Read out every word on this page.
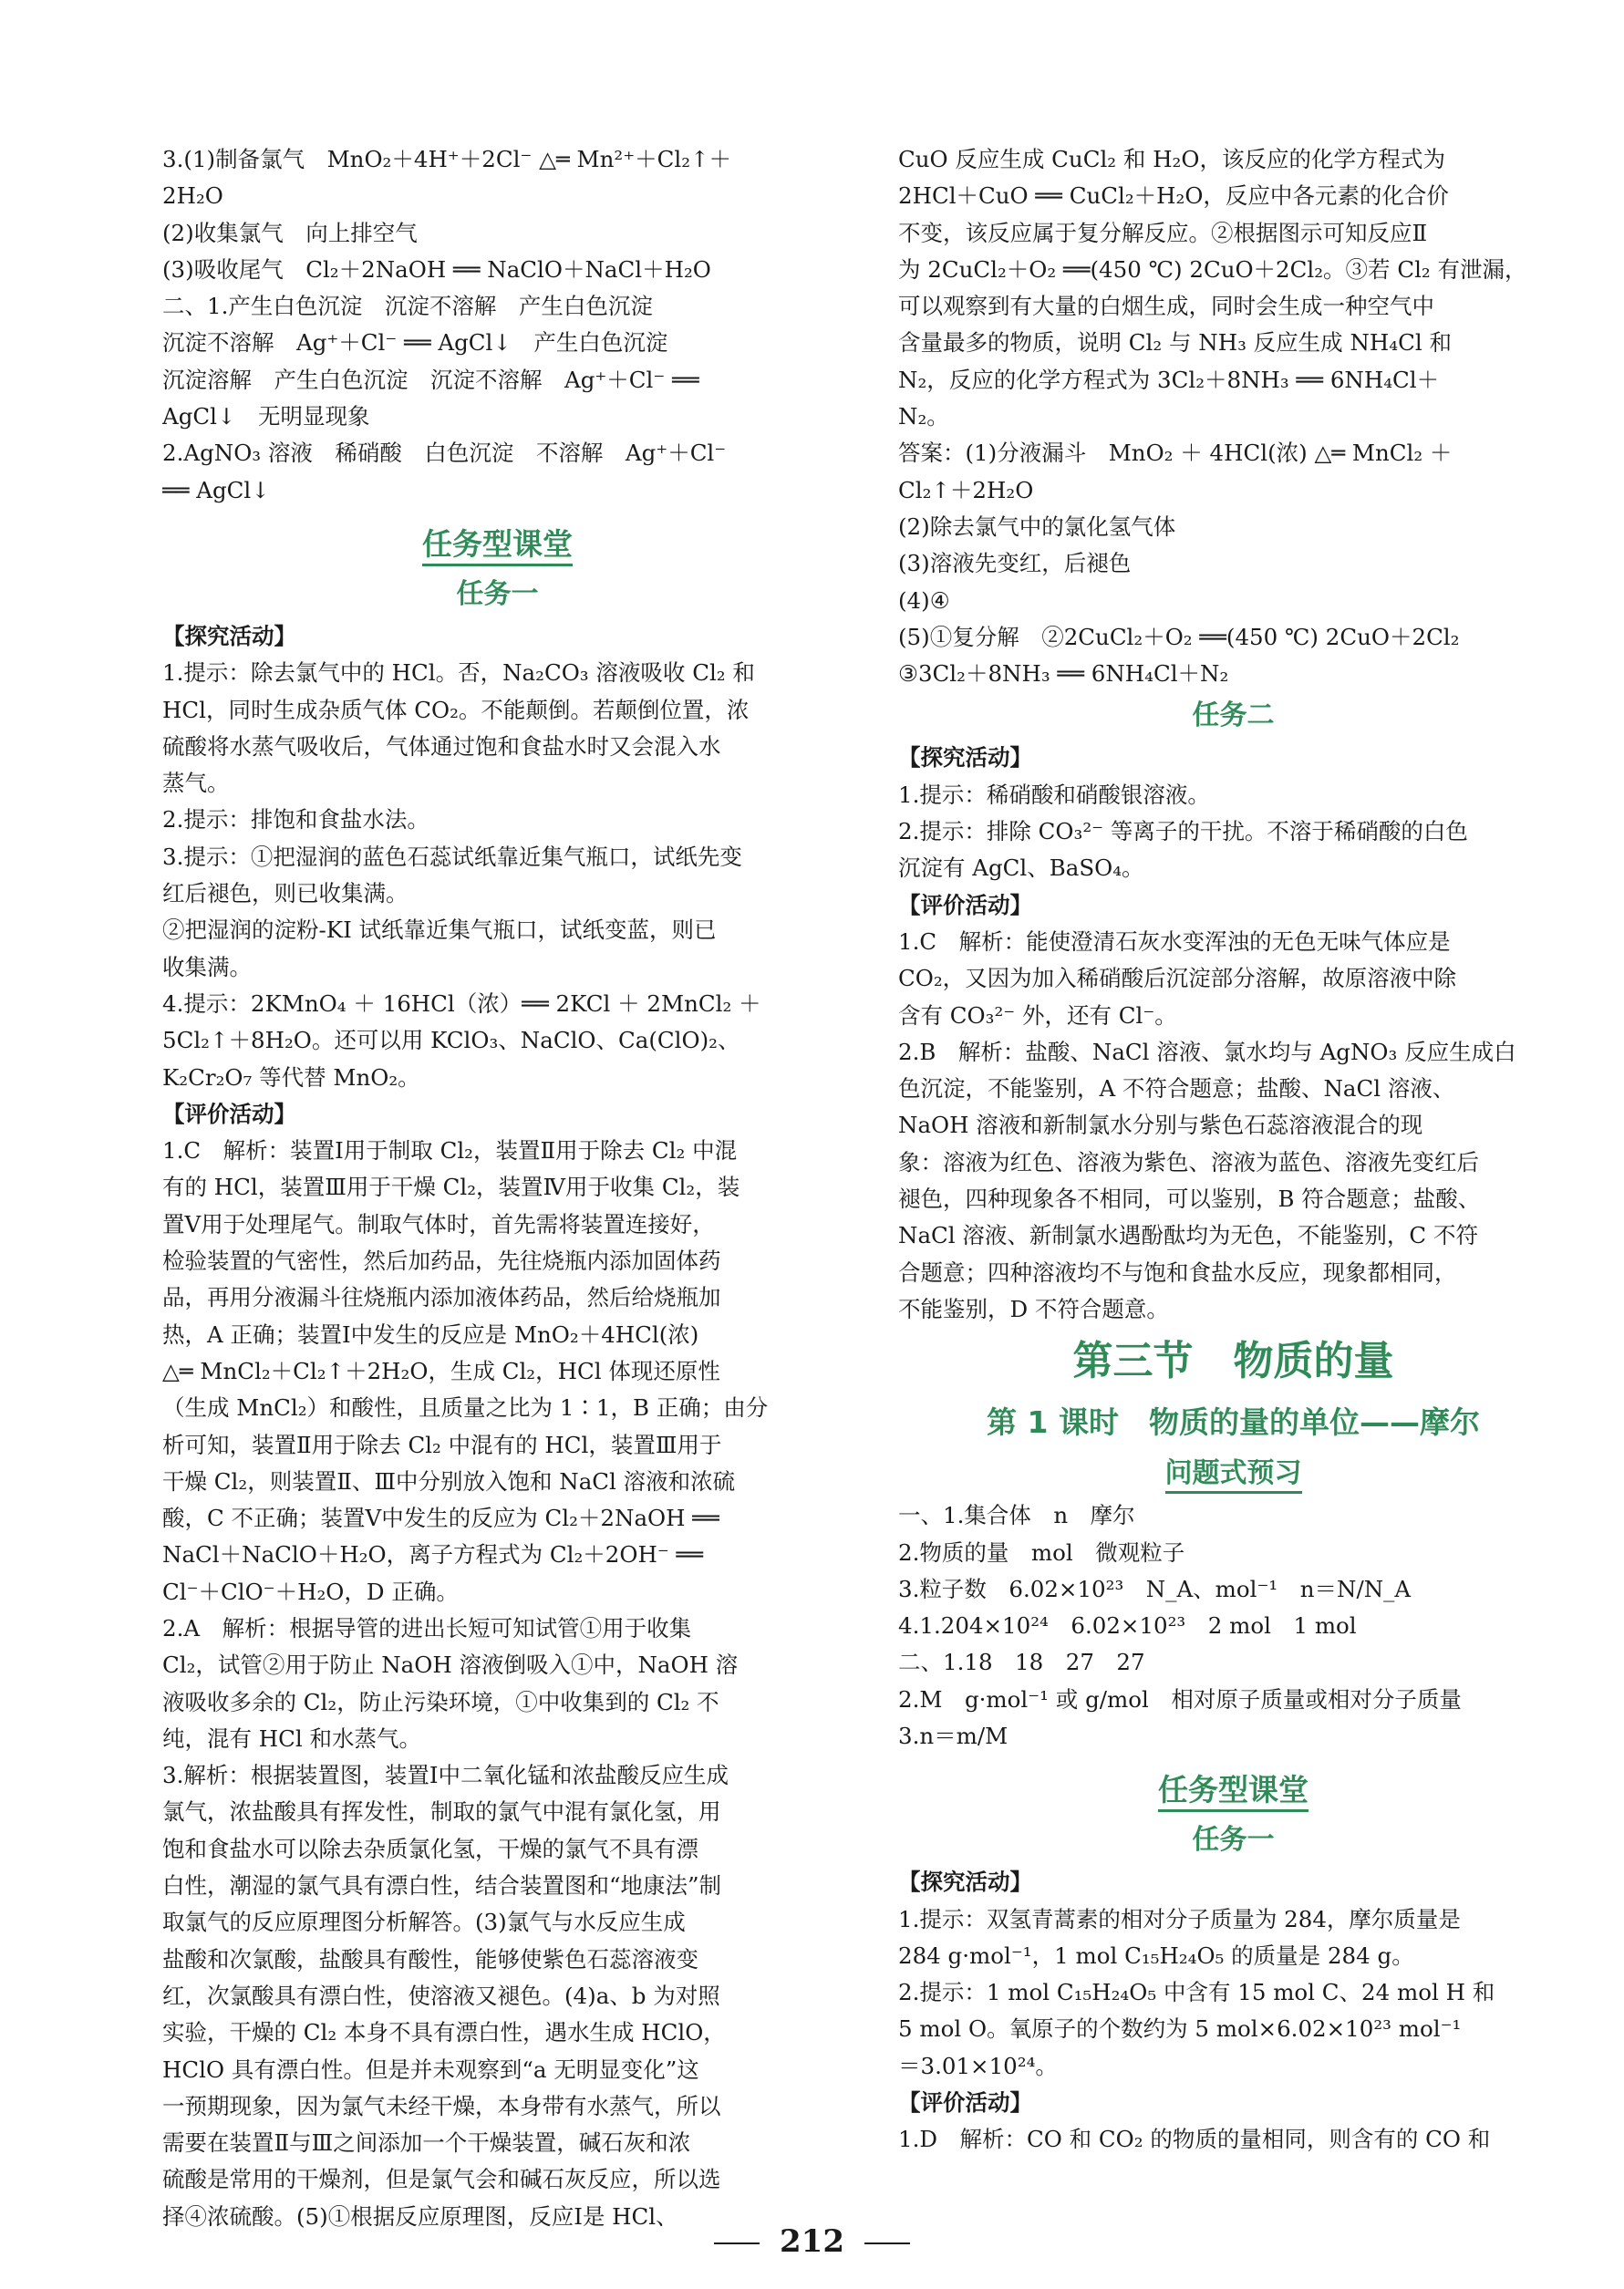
3.(1)制备氯气　MnO₂＋4H⁺＋2Cl⁻ △═ Mn²⁺＋Cl₂↑＋
2H₂O
(2)收集氯气　向上排空气
(3)吸收尾气　Cl₂＋2NaOH ══ NaClO＋NaCl＋H₂O
二、1.产生白色沉淀　沉淀不溶解　产生白色沉淀
沉淀不溶解　Ag⁺＋Cl⁻ ══ AgCl↓　产生白色沉淀
沉淀溶解　产生白色沉淀　沉淀不溶解　Ag⁺＋Cl⁻ ══
AgCl↓　无明显现象
2.AgNO₃ 溶液　稀硝酸　白色沉淀　不溶解　Ag⁺＋Cl⁻
══ AgCl↓
任务型课堂
任务一
【探究活动】
1.提示：除去氯气中的 HCl。否，Na₂CO₃ 溶液吸收 Cl₂ 和
HCl，同时生成杂质气体 CO₂。不能颠倒。若颠倒位置，浓
硫酸将水蒸气吸收后，气体通过饱和食盐水时又会混入水
蒸气。
2.提示：排饱和食盐水法。
3.提示：①把湿润的蓝色石蕊试纸靠近集气瓶口，试纸先变
红后褪色，则已收集满。
②把湿润的淀粉-KI 试纸靠近集气瓶口，试纸变蓝，则已
收集满。
4.提示：2KMnO₄ ＋ 16HCl（浓）══ 2KCl ＋ 2MnCl₂ ＋
5Cl₂↑＋8H₂O。还可以用 KClO₃、NaClO、Ca(ClO)₂、
K₂Cr₂O₇ 等代替 MnO₂。
【评价活动】
1.C　解析：装置Ⅰ用于制取 Cl₂，装置Ⅱ用于除去 Cl₂ 中混
有的 HCl，装置Ⅲ用于干燥 Cl₂，装置Ⅳ用于收集 Cl₂，装
置Ⅴ用于处理尾气。制取气体时，首先需将装置连接好，
检验装置的气密性，然后加药品，先往烧瓶内添加固体药
品，再用分液漏斗往烧瓶内添加液体药品，然后给烧瓶加
热，A 正确；装置Ⅰ中发生的反应是 MnO₂＋4HCl(浓)
△═ MnCl₂＋Cl₂↑＋2H₂O，生成 Cl₂，HCl 体现还原性
（生成 MnCl₂）和酸性，且质量之比为 1∶1，B 正确；由分
析可知，装置Ⅱ用于除去 Cl₂ 中混有的 HCl，装置Ⅲ用于
干燥 Cl₂，则装置Ⅱ、Ⅲ中分别放入饱和 NaCl 溶液和浓硫
酸，C 不正确；装置Ⅴ中发生的反应为 Cl₂＋2NaOH ══
NaCl＋NaClO＋H₂O，离子方程式为 Cl₂＋2OH⁻ ══
Cl⁻＋ClO⁻＋H₂O，D 正确。
2.A　解析：根据导管的进出长短可知试管①用于收集
Cl₂，试管②用于防止 NaOH 溶液倒吸入①中，NaOH 溶
液吸收多余的 Cl₂，防止污染环境，①中收集到的 Cl₂ 不
纯，混有 HCl 和水蒸气。
3.解析：根据装置图，装置Ⅰ中二氧化锰和浓盐酸反应生成
氯气，浓盐酸具有挥发性，制取的氯气中混有氯化氢，用
饱和食盐水可以除去杂质氯化氢，干燥的氯气不具有漂
白性，潮湿的氯气具有漂白性，结合装置图和“地康法”制
取氯气的反应原理图分析解答。(3)氯气与水反应生成
盐酸和次氯酸，盐酸具有酸性，能够使紫色石蕊溶液变
红，次氯酸具有漂白性，使溶液又褪色。(4)a、b 为对照
实验，干燥的 Cl₂ 本身不具有漂白性，遇水生成 HClO，
HClO 具有漂白性。但是并未观察到“a 无明显变化”这
一预期现象，因为氯气未经干燥，本身带有水蒸气，所以
需要在装置Ⅱ与Ⅲ之间添加一个干燥装置，碱石灰和浓
硫酸是常用的干燥剂，但是氯气会和碱石灰反应，所以选
择④浓硫酸。(5)①根据反应原理图，反应Ⅰ是 HCl、
CuO 反应生成 CuCl₂ 和 H₂O，该反应的化学方程式为
2HCl＋CuO ══ CuCl₂＋H₂O，反应中各元素的化合价
不变，该反应属于复分解反应。②根据图示可知反应Ⅱ
为 2CuCl₂＋O₂ ══(450 ℃) 2CuO＋2Cl₂。③若 Cl₂ 有泄漏，
可以观察到有大量的白烟生成，同时会生成一种空气中
含量最多的物质，说明 Cl₂ 与 NH₃ 反应生成 NH₄Cl 和
N₂，反应的化学方程式为 3Cl₂＋8NH₃ ══ 6NH₄Cl＋
N₂。
答案：(1)分液漏斗　MnO₂ ＋ 4HCl(浓) △═ MnCl₂ ＋
Cl₂↑＋2H₂O
(2)除去氯气中的氯化氢气体
(3)溶液先变红，后褪色
(4)④
(5)①复分解　②2CuCl₂＋O₂ ══(450 ℃) 2CuO＋2Cl₂
③3Cl₂＋8NH₃ ══ 6NH₄Cl＋N₂
任务二
【探究活动】
1.提示：稀硝酸和硝酸银溶液。
2.提示：排除 CO₃²⁻ 等离子的干扰。不溶于稀硝酸的白色
沉淀有 AgCl、BaSO₄。
【评价活动】
1.C　解析：能使澄清石灰水变浑浊的无色无味气体应是
CO₂，又因为加入稀硝酸后沉淀部分溶解，故原溶液中除
含有 CO₃²⁻ 外，还有 Cl⁻。
2.B　解析：盐酸、NaCl 溶液、氯水均与 AgNO₃ 反应生成白
色沉淀，不能鉴别，A 不符合题意；盐酸、NaCl 溶液、
NaOH 溶液和新制氯水分别与紫色石蕊溶液混合的现
象：溶液为红色、溶液为紫色、溶液为蓝色、溶液先变红后
褪色，四种现象各不相同，可以鉴别，B 符合题意；盐酸、
NaCl 溶液、新制氯水遇酚酞均为无色，不能鉴别，C 不符
合题意；四种溶液均不与饱和食盐水反应，现象都相同，
不能鉴别，D 不符合题意。
第三节　物质的量
第 1 课时　物质的量的单位——摩尔
问题式预习
一、1.集合体　n　摩尔
2.物质的量　mol　微观粒子
3.粒子数　6.02×10²³　N_A、mol⁻¹　n＝N/N_A
4.1.204×10²⁴　6.02×10²³　2 mol　1 mol
二、1.18　18　27　27
2.M　g·mol⁻¹ 或 g/mol　相对原子质量或相对分子质量
3.n＝m/M
任务型课堂
任务一
【探究活动】
1.提示：双氢青蒿素的相对分子质量为 284，摩尔质量是
284 g·mol⁻¹，1 mol C₁₅H₂₄O₅ 的质量是 284 g。
2.提示：1 mol C₁₅H₂₄O₅ 中含有 15 mol C、24 mol H 和
5 mol O。氧原子的个数约为 5 mol×6.02×10²³ mol⁻¹
＝3.01×10²⁴。
【评价活动】
1.D　解析：CO 和 CO₂ 的物质的量相同，则含有的 CO 和
212
